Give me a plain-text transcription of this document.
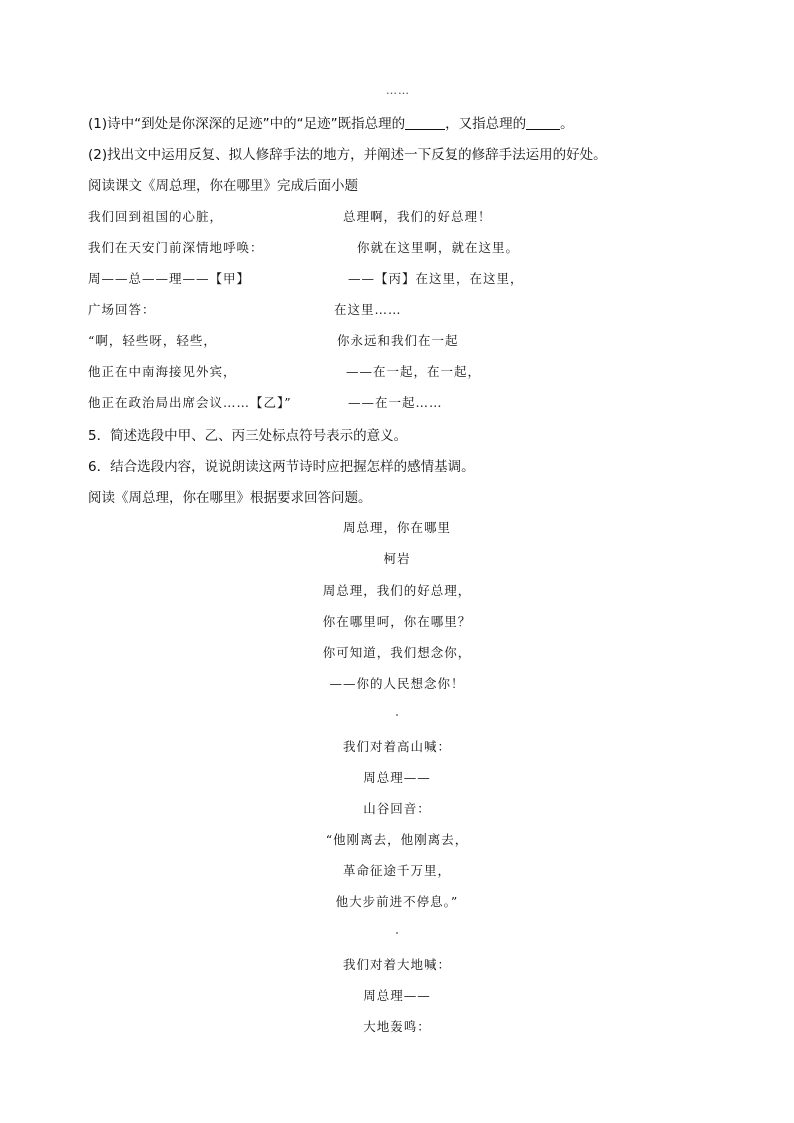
……
(1)诗中“到处是你深深的足迹”中的“足迹”既指总理的	，又指总理的	。
(2)找出文中运用反复、拟人修辞手法的地方，并阐述一下反复的修辞手法运用的好处。
阅读课文《周总理，你在哪里》完成后面小题
我们回到祖国的心脏，
我们在天安门前深情地呼唤：
周——总——理——【甲】
广场回答：
“啊，轻些呀，轻些，
他正在中南海接见外宾，
他正在政治局出席会议……【乙】”
总理啊，我们的好总理！
你就在这里啊，就在这里。
——【丙】在这里，在这里，
在这里……
你永远和我们在一起
——在一起，在一起，
——在一起……
5．简述选段中甲、乙、丙三处标点符号表示的意义。
6．结合选段内容，说说朗读这两节诗时应把握怎样的感情基调。
阅读《周总理，你在哪里》根据要求回答问题。
周总理，你在哪里
柯岩
周总理，我们的好总理，
你在哪里呵，你在哪里？
你可知道，我们想念你，
——你的人民想念你！
我们对着高山喊：
周总理——
山谷回音：
“他刚离去，他刚离去，
革命征途千万里，
他大步前进不停息。”
我们对着大地喊：
周总理——
大地轰鸣：
